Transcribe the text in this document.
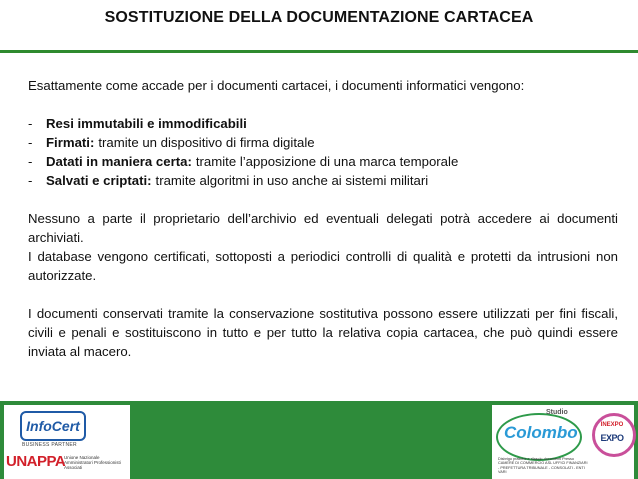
SOSTITUZIONE DELLA DOCUMENTAZIONE CARTACEA

Esattamente come accade per i documenti cartacei, i documenti informatici vengono:

-	Resi immutabili e immodificabili
-	Firmati: tramite un dispositivo di firma digitale
-	Datati in maniera certa: tramite l’apposizione di una marca temporale
-	Salvati e criptati: tramite algoritmi in uso anche ai sistemi militari

Nessuno a parte il proprietario dell’archivio ed eventuali delegati potrà accedere ai documenti archiviati.

I database vengono certificati, sottoposti a periodici controlli di qualità e protetti da intrusioni non autorizzate.

I documenti conservati tramite la conservazione sostitutiva possono essere utilizzati per fini fiscali, civili e penali e sostituiscono in tutto e per tutto la relativa copia cartacea, che può quindi essere inviata al macero.

InfoCert
BUSINESS PARTNER
UNAPPA
Unione Nazionale Amministratori Professionisti Associati
Studio
Colombo
Disbrigo pratiche e rilascio documenti Presso CAMERE DI COMMERCIO ASL UFFICI FINANZIARI - PREFETTURA TRIBUNALE - CONSOLATI - ENTI VARI
INEXPO
EXPO
